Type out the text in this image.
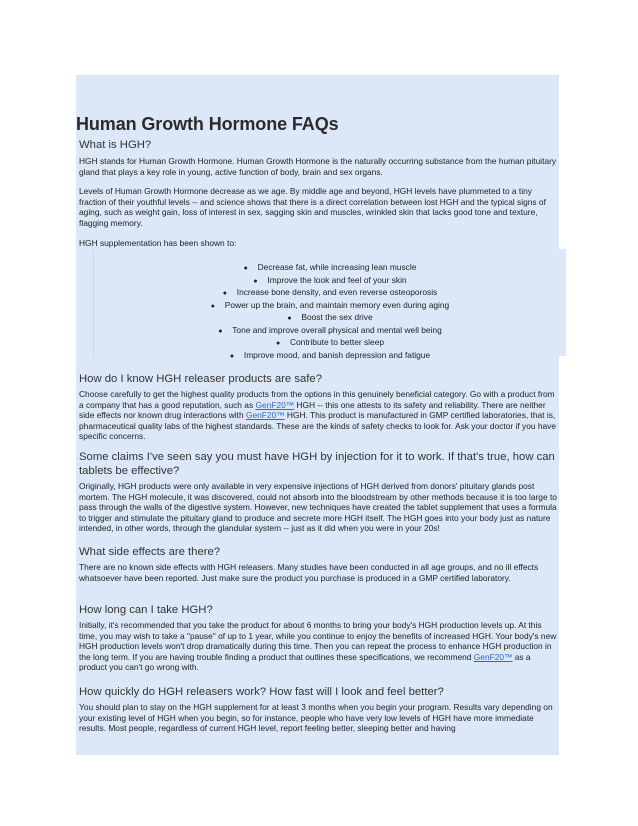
● Decrease fat, while increasing lean muscle
● Improve the look and feel of your skin
● Increase bone density, and even reverse osteoporosis
● Power up the brain, and maintain memory even during aging
● Boost the sex drive
● Tone and improve overall physical and mental well being
● Contribute to better sleep
● Improve mood, and banish depression and fatigue
Human Growth Hormone FAQs

What is HGH?

HGH stands for Human Growth Hormone. Human Growth Hormone is the naturally occurring substance from the human pituitary gland that plays a key role in young, active function of body, brain and sex organs.

Levels of Human Growth Hormone decrease as we age. By middle age and beyond, HGH levels have plummeted to a tiny fraction of their youthful levels -- and science shows that there is a direct correlation between lost HGH and the typical signs of aging, such as weight gain, loss of interest in sex, sagging skin and muscles, wrinkled skin that lacks good tone and texture, flagging memory.

HGH supplementation has been shown to:

How do I know HGH releaser products are safe?

Choose carefully to get the highest quality products from the options in this genuinely beneficial category. Go with a product from a company that has a good reputation, such as GenF20™ HGH -- this one attests to its safety and reliability. There are neither side effects nor known drug interactions with GenF20™ HGH. This product is manufactured in GMP certified laboratories, that is, pharmaceutical quality labs of the highest standards. These are the kinds of safety checks to look for. Ask your doctor if you have specific concerns.

Some claims I've seen say you must have HGH by injection for it to work. If that's true, how can tablets be effective?

Originally, HGH products were only available in very expensive injections of HGH derived from donors' pituitary glands post mortem. The HGH molecule, it was discovered, could not absorb into the bloodstream by other methods because it is too large to pass through the walls of the digestive system. However, new techniques have created the tablet supplement that uses a formula to trigger and stimulate the pituitary gland to produce and secrete more HGH itself. The HGH goes into your body just as nature intended, in other words, through the glandular system -- just as it did when you were in your 20s!

What side effects are there?

There are no known side effects with HGH releasers. Many studies have been conducted in all age groups, and no ill effects whatsoever have been reported. Just make sure the product you purchase is produced in a GMP certified laboratory.

How long can I take HGH?

Initially, it's recommended that you take the product for about 6 months to bring your body's HGH production levels up. At this time, you may wish to take a "pause" of up to 1 year, while you continue to enjoy the benefits of increased HGH. Your body's new HGH production levels won't drop dramatically during this time. Then you can repeat the process to enhance HGH production in the long term. If you are having trouble finding a product that outlines these specifications, we recommend GenF20™ as a product you can't go wrong with.

How quickly do HGH releasers work? How fast will I look and feel better?

You should plan to stay on the HGH supplement for at least 3 months when you begin your program. Results vary depending on your existing level of HGH when you begin, so for instance, people who have very low levels of HGH have more immediate results. Most people, regardless of current HGH level, report feeling better, sleeping better and having
